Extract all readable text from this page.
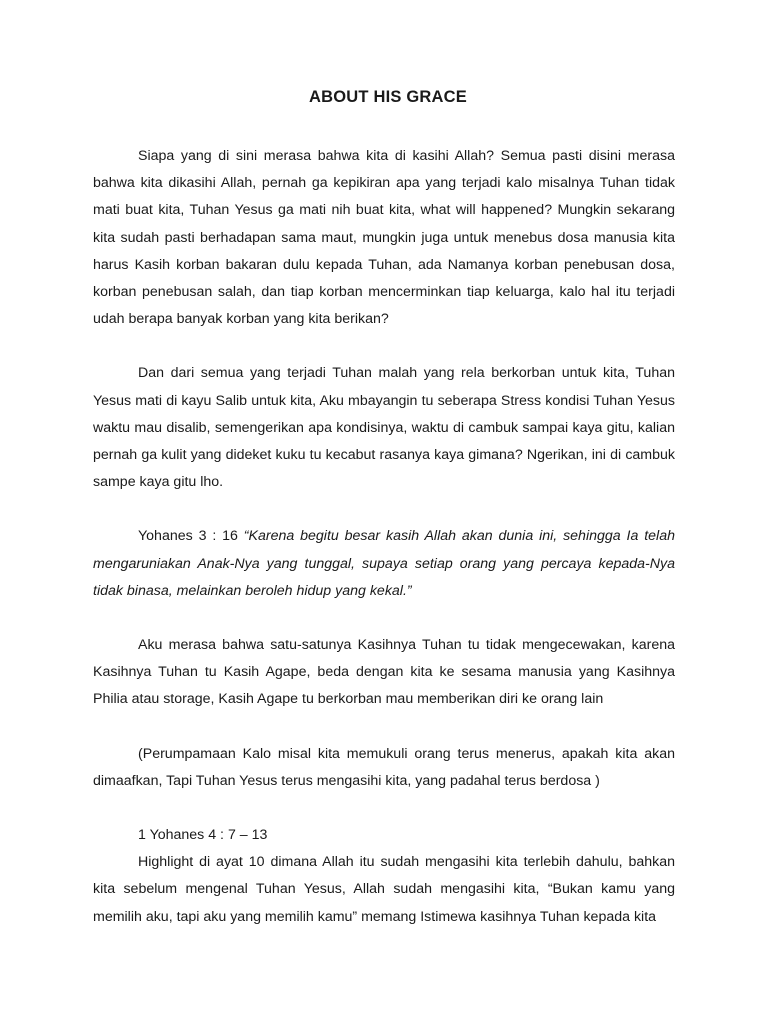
ABOUT HIS GRACE

Siapa yang di sini merasa bahwa kita di kasihi Allah? Semua pasti disini merasa bahwa kita dikasihi Allah, pernah ga kepikiran apa yang terjadi kalo misalnya Tuhan tidak mati buat kita, Tuhan Yesus ga mati nih buat kita, what will happened? Mungkin sekarang kita sudah pasti berhadapan sama maut, mungkin juga untuk menebus dosa manusia kita harus Kasih korban bakaran dulu kepada Tuhan, ada Namanya korban penebusan dosa, korban penebusan salah, dan tiap korban mencerminkan tiap keluarga, kalo hal itu terjadi udah berapa banyak korban yang kita berikan?

Dan dari semua yang terjadi Tuhan malah yang rela berkorban untuk kita, Tuhan Yesus mati di kayu Salib untuk kita, Aku mbayangin tu seberapa Stress kondisi Tuhan Yesus waktu mau disalib, semengerikan apa kondisinya, waktu di cambuk sampai kaya gitu, kalian pernah ga kulit yang dideket kuku tu kecabut rasanya kaya gimana? Ngerikan, ini di cambuk sampe kaya gitu lho.

Yohanes 3 : 16 “Karena begitu besar kasih Allah akan dunia ini, sehingga Ia telah mengaruniakan Anak-Nya yang tunggal, supaya setiap orang yang percaya kepada-Nya tidak binasa, melainkan beroleh hidup yang kekal.”

Aku merasa bahwa satu-satunya Kasihnya Tuhan tu tidak mengecewakan, karena Kasihnya Tuhan tu Kasih Agape, beda dengan kita ke sesama manusia yang Kasihnya Philia atau storage, Kasih Agape tu berkorban mau memberikan diri ke orang lain

(Perumpamaan Kalo misal kita memukuli orang terus menerus, apakah kita akan dimaafkan, Tapi Tuhan Yesus terus mengasihi kita, yang padahal terus berdosa )

1 Yohanes 4 : 7 – 13

Highlight di ayat 10 dimana Allah itu sudah mengasihi kita terlebih dahulu, bahkan kita sebelum mengenal Tuhan Yesus, Allah sudah mengasihi kita, “Bukan kamu yang memilih aku, tapi aku yang memilih kamu” memang Istimewa kasihnya Tuhan kepada kita
